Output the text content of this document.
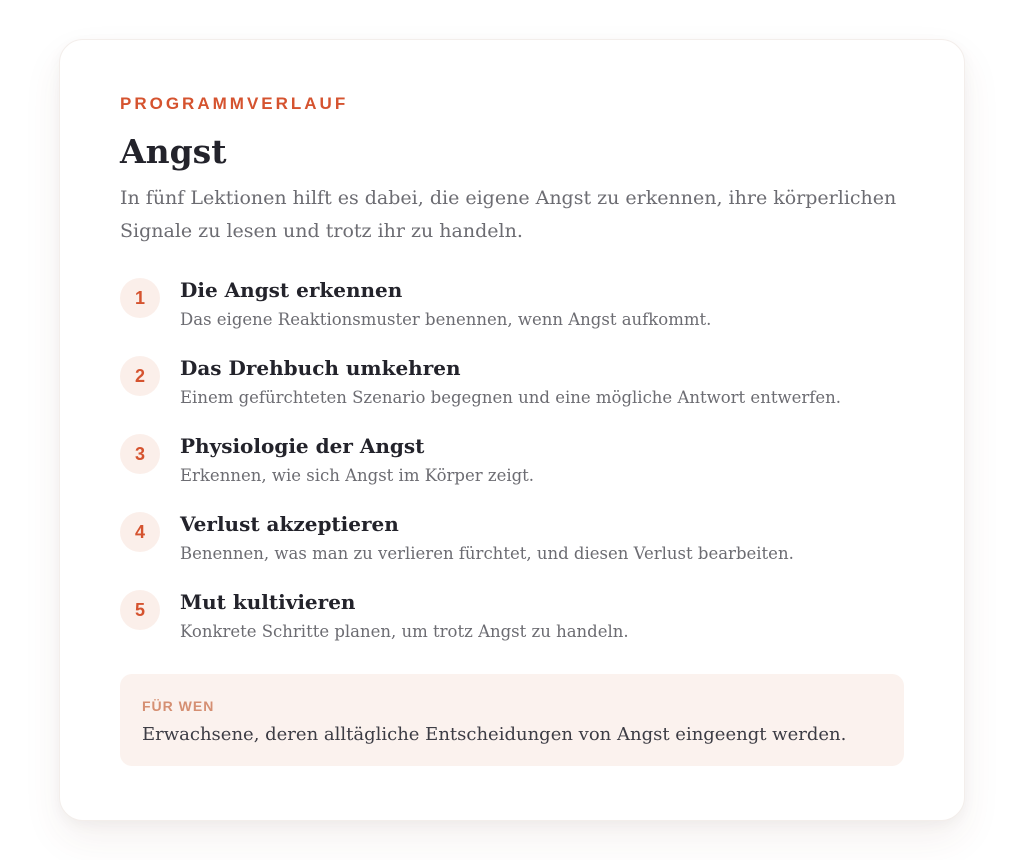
PROGRAMMVERLAUF

Angst

In fünf Lektionen hilft es dabei, die eigene Angst zu erkennen, ihre körperlichen Signale zu lesen und trotz ihr zu handeln.

1	Die Angst erkennen
Das eigene Reaktionsmuster benennen, wenn Angst aufkommt.
2	Das Drehbuch umkehren
Einem gefürchteten Szenario begegnen und eine mögliche Antwort entwerfen.
3	Physiologie der Angst
Erkennen, wie sich Angst im Körper zeigt.
4	Verlust akzeptieren
Benennen, was man zu verlieren fürchtet, und diesen Verlust bearbeiten.
5	Mut kultivieren
Konkrete Schritte planen, um trotz Angst zu handeln.
FÜR WEN
Erwachsene, deren alltägliche Entscheidungen von Angst eingeengt werden.
